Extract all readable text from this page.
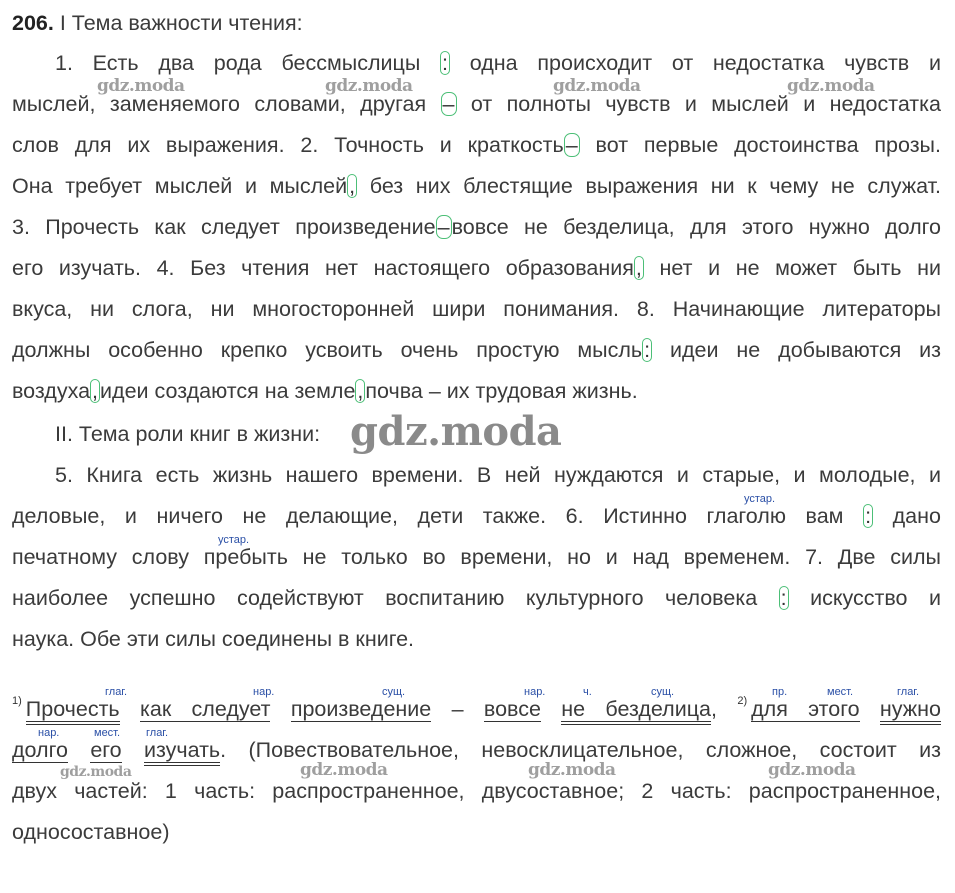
206. I Тема важности чтения:
1. Есть два рода бессмыслицы : одна происходит от недостатка чувств и
мыслей, заменяемого словами, другая – от полноты чувств и мыслей и недостатка
слов для их выражения. 2. Точность и краткость– вот первые достоинства прозы.
Она требует мыслей и мыслей, без них блестящие выражения ни к чему не служат.
3. Прочесть как следует произведение–вовсе не безделица, для этого нужно долго
его изучать. 4. Без чтения нет настоящего образования, нет и не может быть ни
вкуса, ни слога, ни многосторонней шири понимания. 8. Начинающие литераторы
должны особенно крепко усвоить очень простую мысль: идеи не добываются из
воздуха,идеи создаются на земле,почва – их трудовая жизнь.
II. Тема роли книг в жизни:
5. Книга есть жизнь нашего времени. В ней нуждаются и старые, и молодые, и
устар.
деловые, и ничего не делающие, дети также. 6. Истинно глаголю вам : дано
устар.
печатному слову пребыть не только во времени, но и над временем. 7. Две силы
наиболее успешно содействуют воспитанию культурного человека : искусство и
наука. Обе эти силы соединены в книге.
глаг.	нар.	сущ.	нар.	ч.	сущ.	пр.	мест.	глаг.
$^{1)}$ Прочесть как следует произведение – вовсе не безделица, $^{2)}$ для этого нужно
нар.	мест. глаг.
долго его изучать. (Повествовательное, невосклицательное, сложное, состоит из
двух частей: 1 часть: распространенное, двусоставное; 2 часть: распространенное,
односоставное)
gdz.moda	gdz.moda	gdz.moda	gdz.moda
gdz.moda
gdz.moda	gdz.moda	gdz.moda	gdz.moda
